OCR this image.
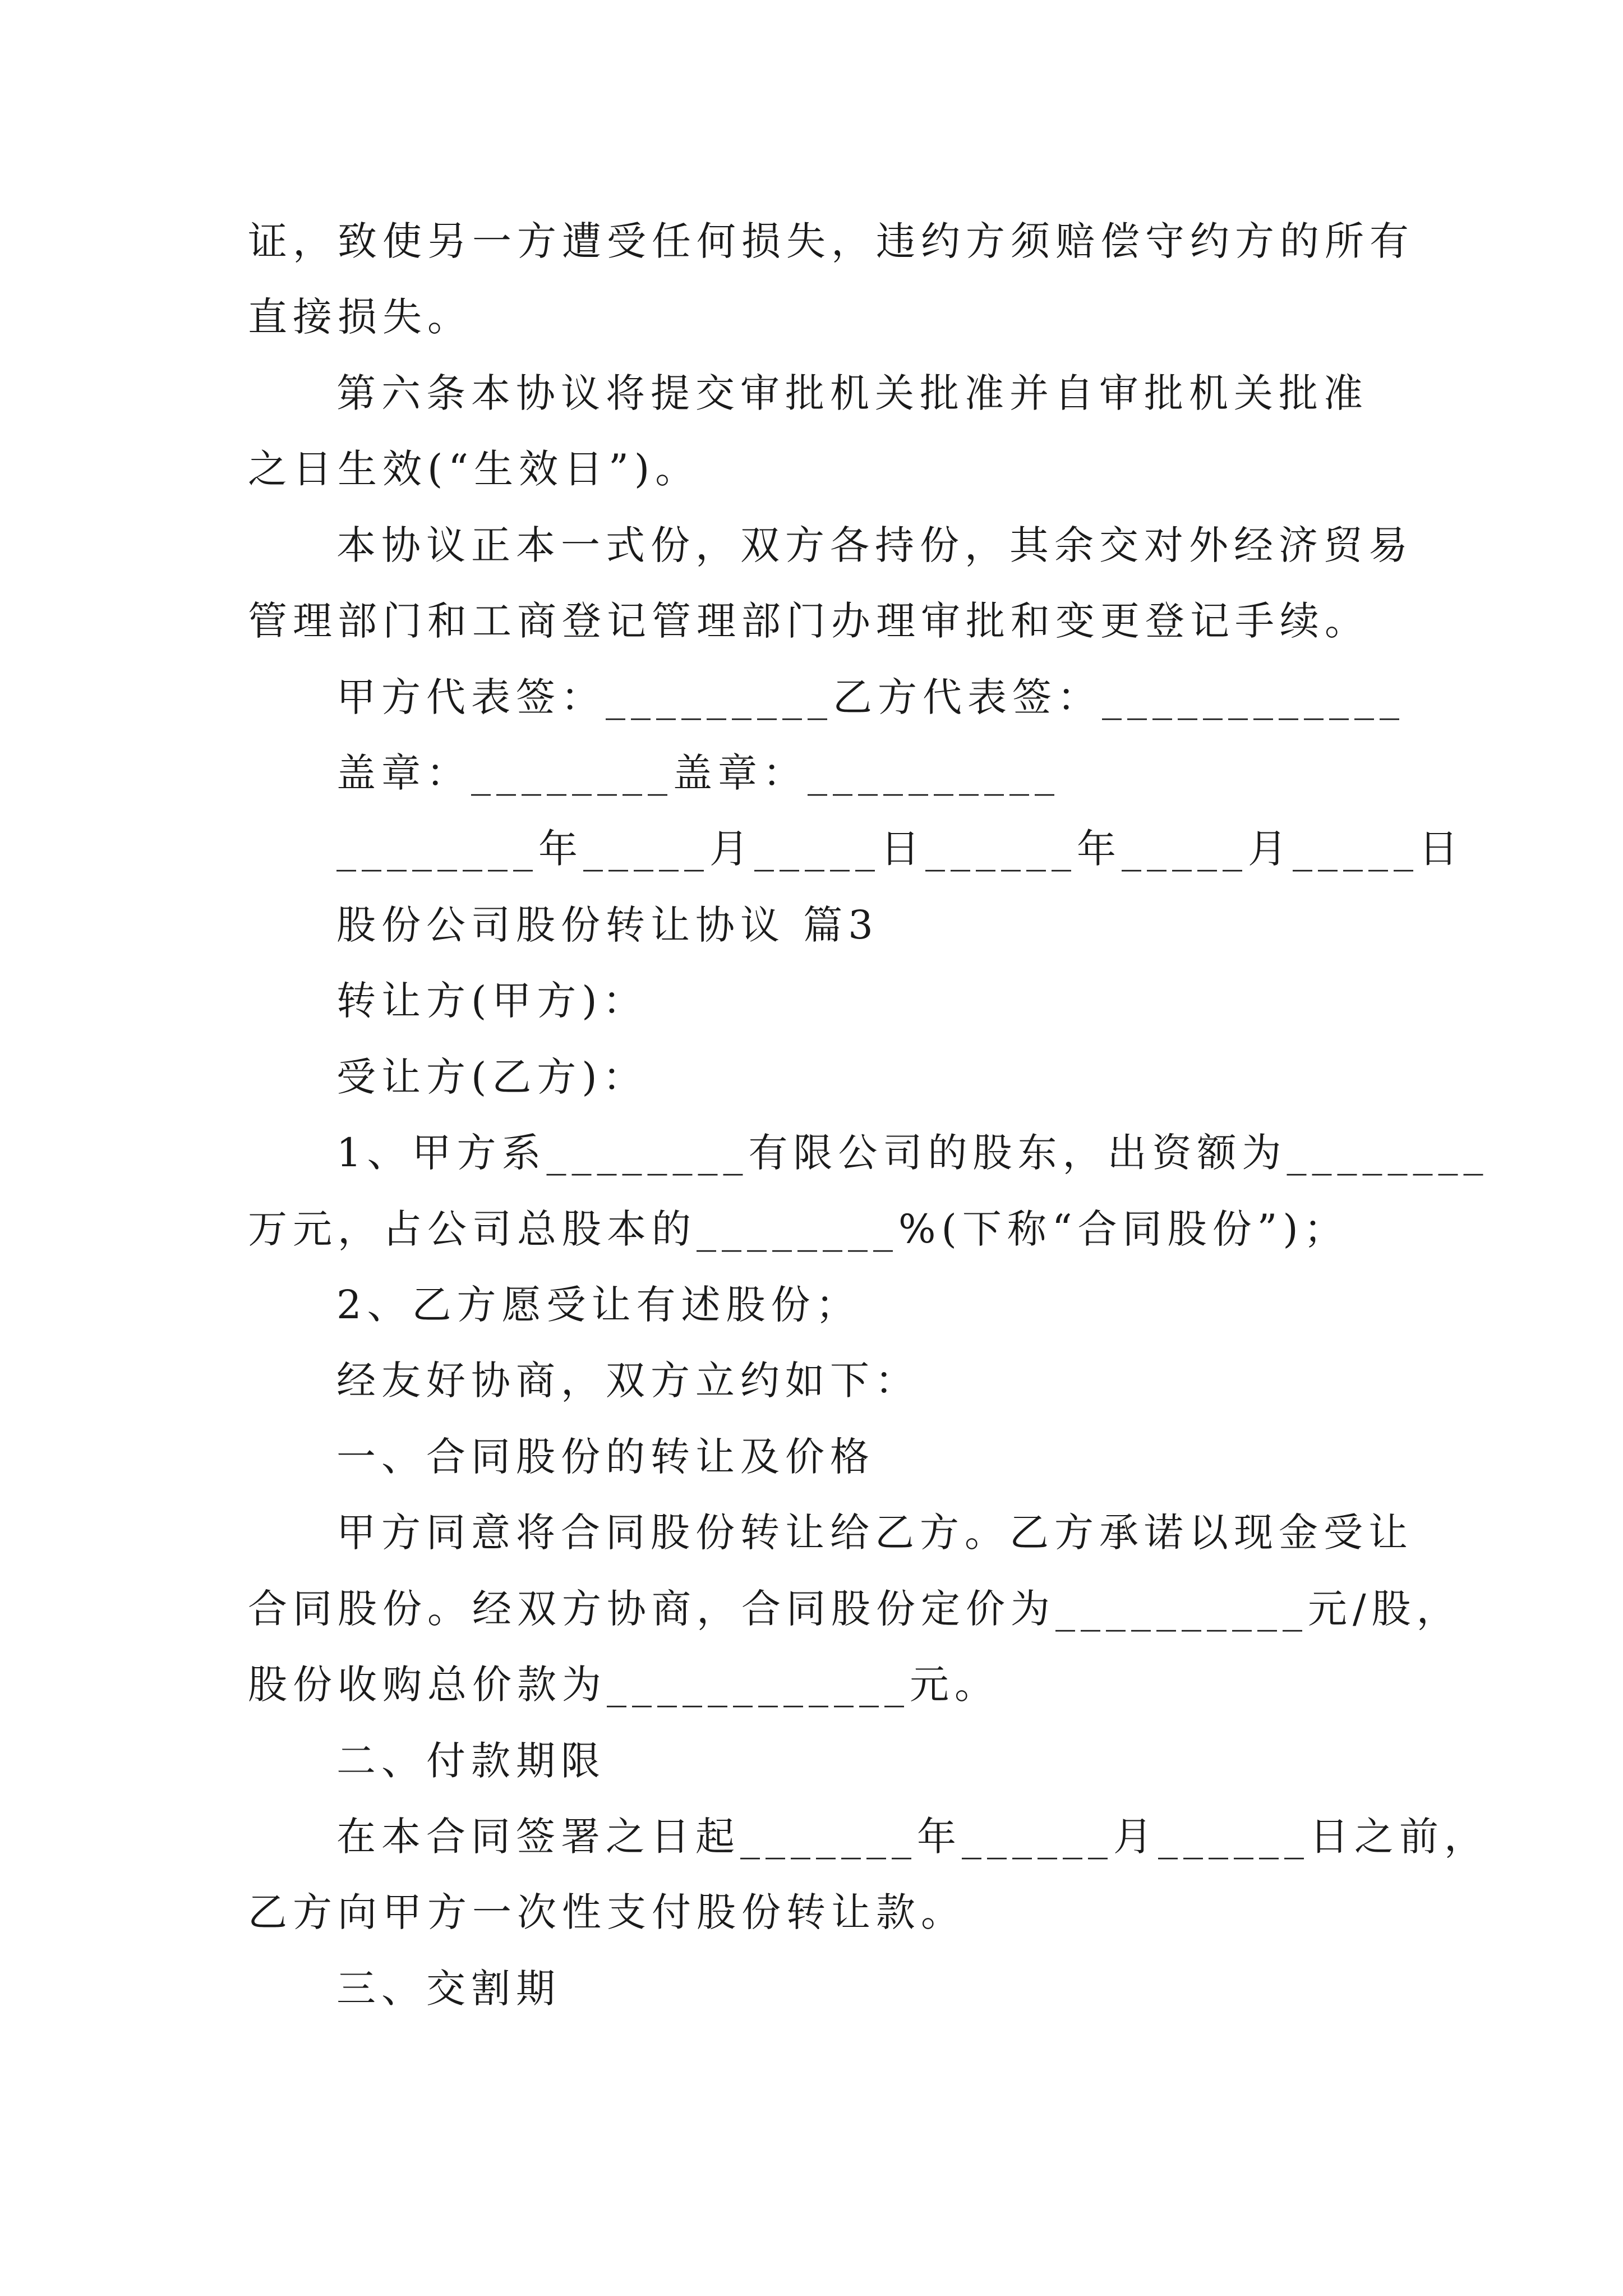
证，致使另一方遭受任何损失，违约方须赔偿守约方的所有
直接损失。
第六条本协议将提交审批机关批准并自审批机关批准
之日生效(“生效日”)。
本协议正本一式份，双方各持份，其余交对外经济贸易
管理部门和工商登记管理部门办理审批和变更登记手续。
甲方代表签：_________乙方代表签：____________
盖章：________盖章：__________
________年_____月_____日______年_____月_____日
股份公司股份转让协议 篇3
转让方(甲方)：
受让方(乙方)：
1、甲方系________有限公司的股东，出资额为________
万元，占公司总股本的________%(下称“合同股份”)；
2、乙方愿受让有述股份；
经友好协商，双方立约如下：
一、合同股份的转让及价格
甲方同意将合同股份转让给乙方。乙方承诺以现金受让
合同股份。经双方协商，合同股份定价为__________元/股，
股份收购总价款为____________元。
二、付款期限
在本合同签署之日起_______年______月______日之前，
乙方向甲方一次性支付股份转让款。
三、交割期
